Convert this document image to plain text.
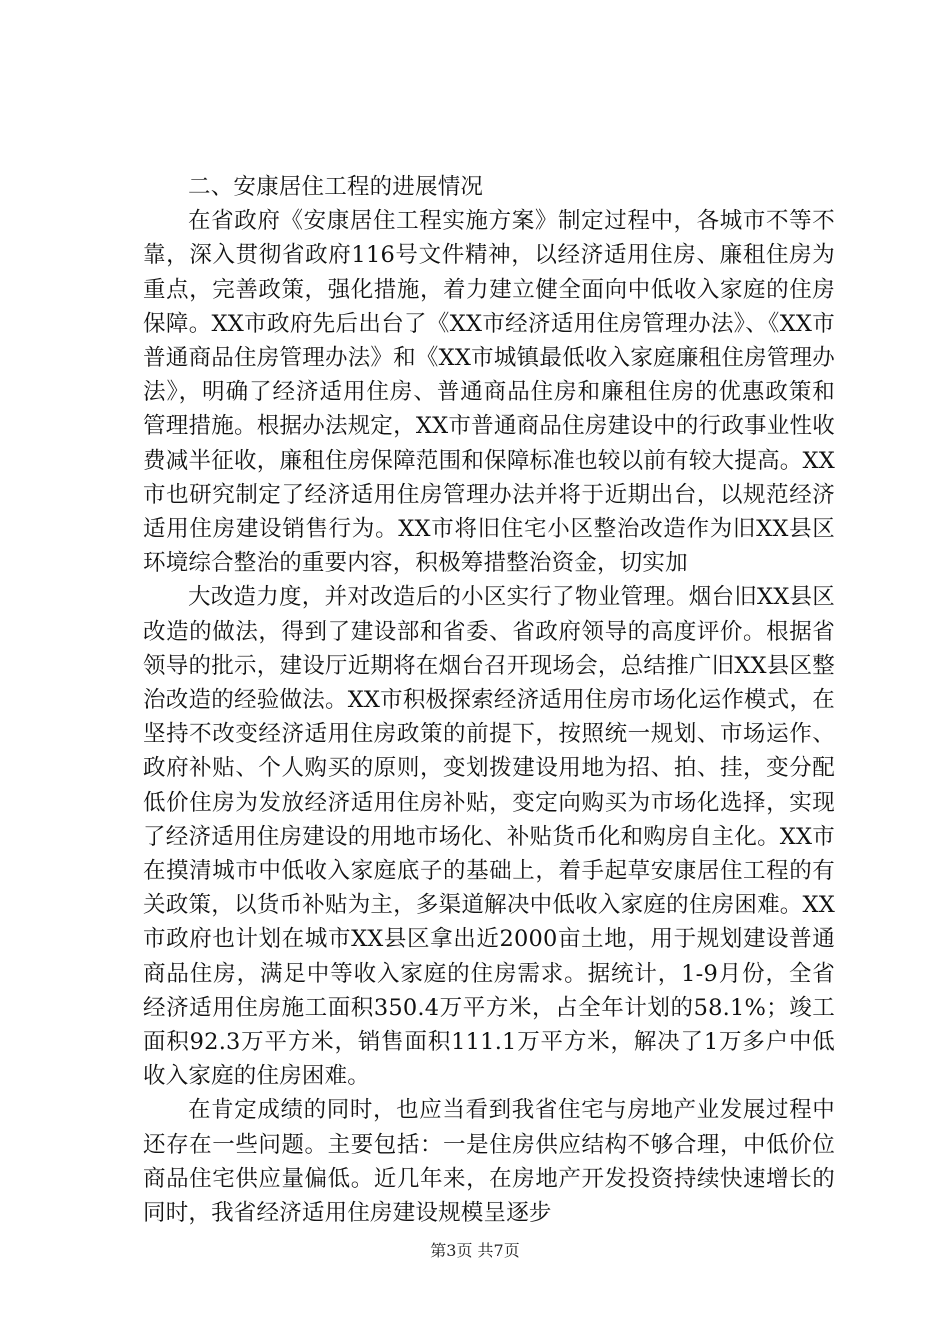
二、安康居住工程的进展情况

在省政府《安康居住工程实施方案》制定过程中，各城市不等不靠，深入贯彻省政府116号文件精神，以经济适用住房、廉租住房为重点，完善政策，强化措施，着力建立健全面向中低收入家庭的住房保障。XX市政府先后出台了《XX市经济适用住房管理办法》、《XX市普通商品住房管理办法》和《XX市城镇最低收入家庭廉租住房管理办法》，明确了经济适用住房、普通商品住房和廉租住房的优惠政策和管理措施。根据办法规定，XX市普通商品住房建设中的行政事业性收费减半征收，廉租住房保障范围和保障标准也较以前有较大提高。XX市也研究制定了经济适用住房管理办法并将于近期出台，以规范经济适用住房建设销售行为。XX市将旧住宅小区整治改造作为旧XX县区环境综合整治的重要内容，积极筹措整治资金，切实加

大改造力度，并对改造后的小区实行了物业管理。烟台旧XX县区改造的做法，得到了建设部和省委、省政府领导的高度评价。根据省领导的批示，建设厅近期将在烟台召开现场会，总结推广旧XX县区整治改造的经验做法。XX市积极探索经济适用住房市场化运作模式，在坚持不改变经济适用住房政策的前提下，按照统一规划、市场运作、政府补贴、个人购买的原则，变划拨建设用地为招、拍、挂，变分配低价住房为发放经济适用住房补贴，变定向购买为市场化选择，实现了经济适用住房建设的用地市场化、补贴货币化和购房自主化。XX市在摸清城市中低收入家庭底子的基础上，着手起草安康居住工程的有关政策，以货币补贴为主，多渠道解决中低收入家庭的住房困难。XX市政府也计划在城市XX县区拿出近2000亩土地，用于规划建设普通商品住房，满足中等收入家庭的住房需求。据统计，1-9月份，全省经济适用住房施工面积350.4万平方米，占全年计划的58.1%；竣工面积92.3万平方米，销售面积111.1万平方米，解决了1万多户中低收入家庭的住房困难。

在肯定成绩的同时，也应当看到我省住宅与房地产业发展过程中还存在一些问题。主要包括：一是住房供应结构不够合理，中低价位商品住宅供应量偏低。近几年来，在房地产开发投资持续快速增长的同时，我省经济适用住房建设规模呈逐步

第3页 共7页
